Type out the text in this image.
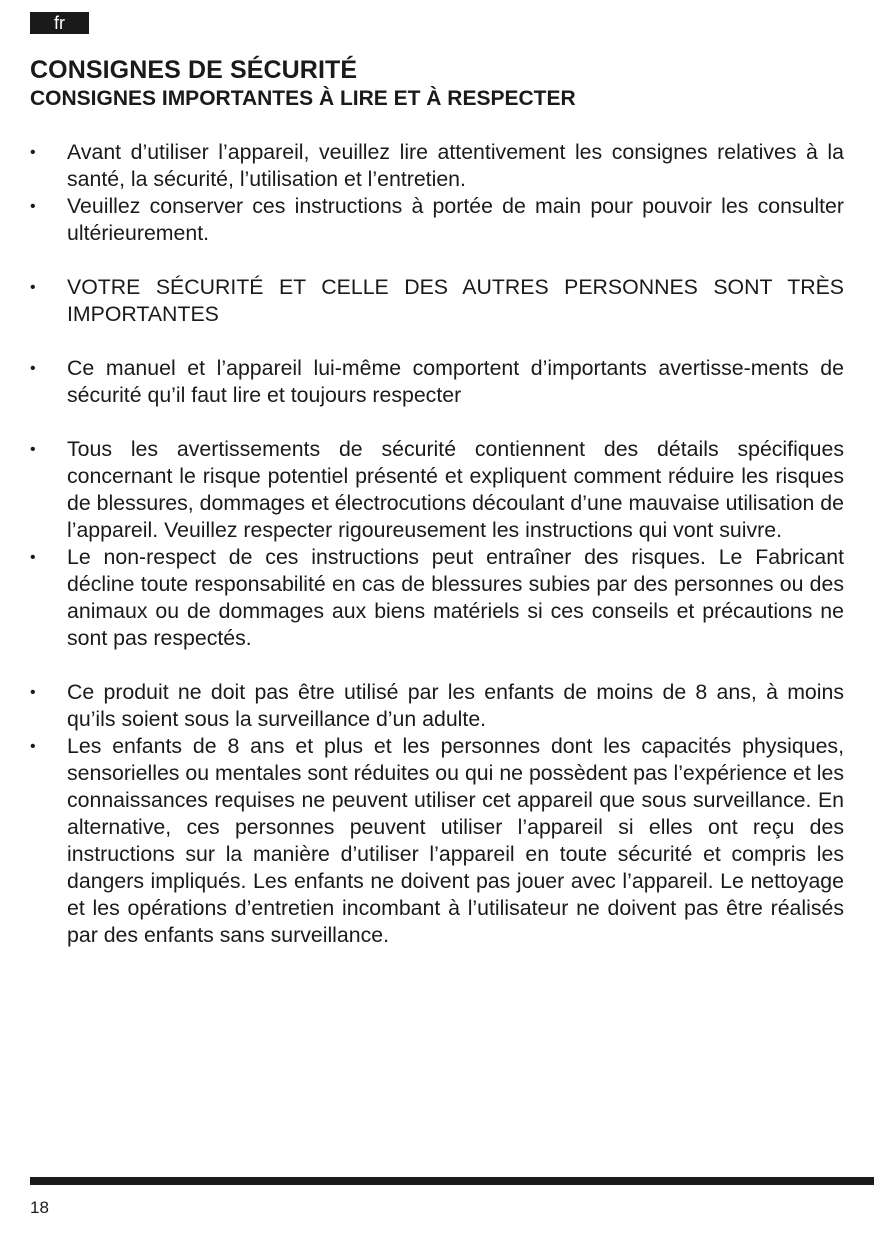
fr
CONSIGNES DE SÉCURITÉ
CONSIGNES IMPORTANTES À LIRE ET À RESPECTER
• Avant d’utiliser l’appareil, veuillez lire attentivement les consignes relatives à la santé, la sécurité, l’utilisation et l’entretien.
• Veuillez conserver ces instructions à portée de main pour pouvoir les consulter ultérieurement.
• VOTRE SÉCURITÉ ET CELLE DES AUTRES PERSONNES SONT TRÈS IMPORTANTES
• Ce manuel et l’appareil lui-même comportent d’importants avertisse-ments de sécurité qu’il faut lire et toujours respecter
• Tous les avertissements de sécurité contiennent des détails spécifiques concernant le risque potentiel présenté et expliquent comment réduire les risques de blessures, dommages et électrocutions découlant d’une mauvaise utilisation de l’appareil. Veuillez respecter rigoureusement les instructions qui vont suivre.
• Le non-respect de ces instructions peut entraîner des risques. Le Fabricant décline toute responsabilité en cas de blessures subies par des personnes ou des animaux ou de dommages aux biens matériels si ces conseils et précautions ne sont pas respectés.
• Ce produit ne doit pas être utilisé par les enfants de moins de 8 ans, à moins qu’ils soient sous la surveillance d’un adulte.
• Les enfants de 8 ans et plus et les personnes dont les capacités physiques, sensorielles ou mentales sont réduites ou qui ne possèdent pas l’expérience et les connaissances requises ne peuvent utiliser cet appareil que sous surveillance. En alternative, ces personnes peuvent utiliser l’appareil si elles ont reçu des instructions sur la manière d’utiliser l’appareil en toute sécurité et compris les dangers impliqués. Les enfants ne doivent pas jouer avec l’appareil. Le nettoyage et les opérations d’entretien incombant à l’utilisateur ne doivent pas être réalisés par des enfants sans surveillance.
18
